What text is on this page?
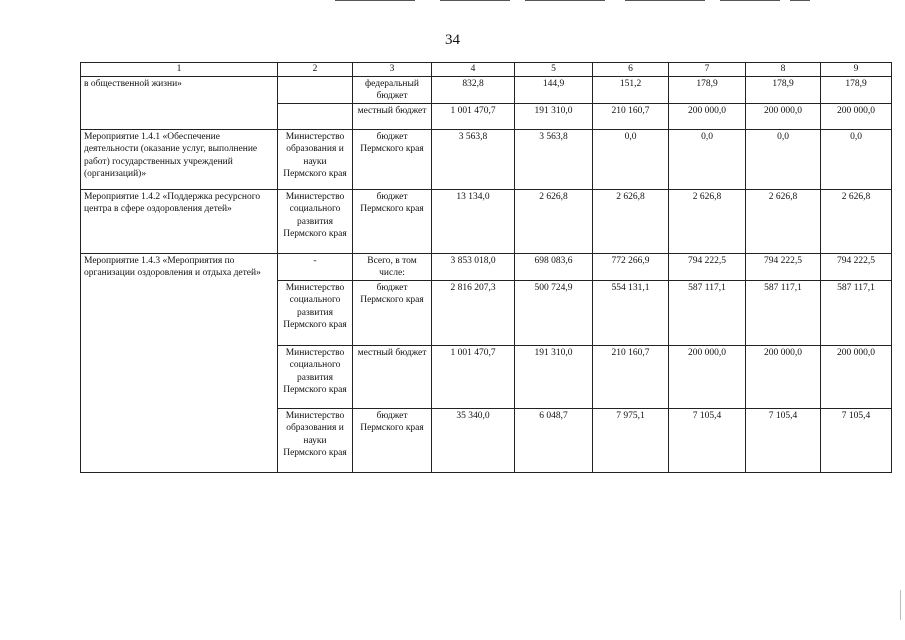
34
1	2	3	4	5	6	7	8	9
в общественной жизни»		федеральный бюджет	832,8	144,9	151,2	178,9	178,9	178,9
		местный бюджет	1 001 470,7	191 310,0	210 160,7	200 000,0	200 000,0	200 000,0
Мероприятие 1.4.1 «Обеспечение деятельности (оказание услуг, выполнение работ) государственных учреждений (организаций)»	Министерство образования и науки Пермского края	бюджет Пермского края	3 563,8	3 563,8	0,0	0,0	0,0	0,0
Мероприятие 1.4.2 «Поддержка ресурсного центра в сфере оздоровления детей»	Министерство социального развития Пермского края	бюджет Пермского края	13 134,0	2 626,8	2 626,8	2 626,8	2 626,8	2 626,8
Мероприятие 1.4.3 «Мероприятия по организации оздоровления и отдыха детей»	-	Всего, в том числе:	3 853 018,0	698 083,6	772 266,9	794 222,5	794 222,5	794 222,5
	Министерство социального развития Пермского края	бюджет Пермского края	2 816 207,3	500 724,9	554 131,1	587 117,1	587 117,1	587 117,1
	Министерство социального развития Пермского края	местный бюджет	1 001 470,7	191 310,0	210 160,7	200 000,0	200 000,0	200 000,0
	Министерство образования и науки Пермского края	бюджет Пермского края	35 340,0	6 048,7	7 975,1	7 105,4	7 105,4	7 105,4
